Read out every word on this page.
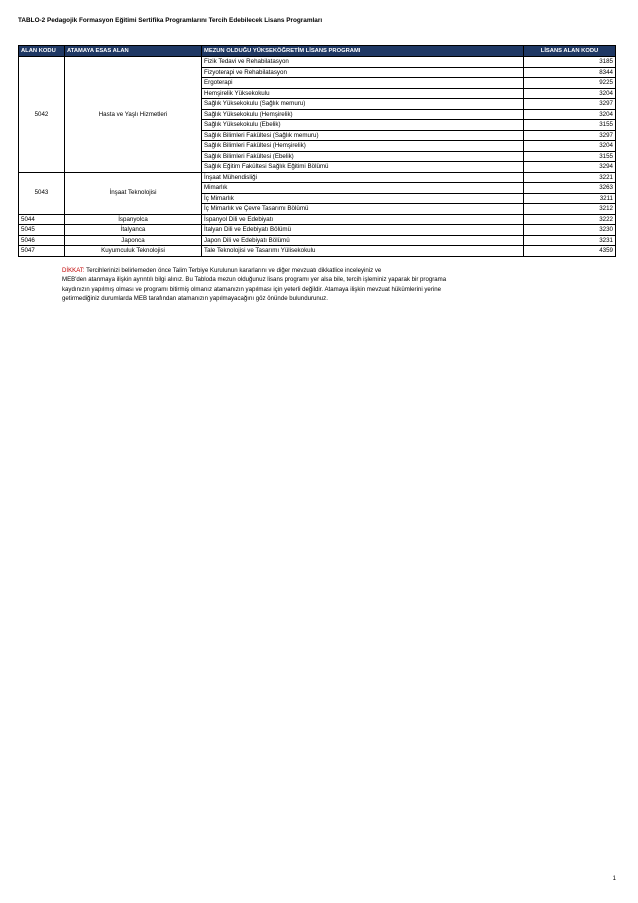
TABLO-2 Pedagojik Formasyon Eğitimi Sertifika Programlarını Tercih Edebilecek Lisans Programları
ALAN KODU	ATAMAYA ESAS ALAN	MEZUN OLDUĞU YÜKSEKÖĞRETİM LİSANS PROGRAMI	LİSANS ALAN KODU
5042	Hasta ve Yaşlı Hizmetleri	Fizik Tedavi ve Rehabilatasyon	3185
		Fizyoterapi ve Rehabilatasyon	8344
		Ergoterapi	9225
		Hemşirelik Yüksekokulu	3204
		Sağlık Yüksekokulu (Sağlık memuru)	3297
		Sağlık Yüksekokulu (Hemşirelik)	3204
		Sağlık Yüksekokulu (Ebelik)	3155
		Sağlık Bilimleri Fakültesi (Sağlık memuru)	3297
		Sağlık Bilimleri Fakültesi (Hemşirelik)	3204
		Sağlık Bilimleri Fakültesi (Ebelik)	3155
		Sağlık Eğitim Fakültesi Sağlık Eğitimi Bölümü	3294
5043	İnşaat Teknolojisi	İnşaat Mühendisliği	3221
		Mimarlık	3263
		İç Mimarlık	3211
		İç Mimarlık ve Çevre Tasarımı Bölümü	3212
5044	İspanyolca	İspanyol Dili ve Edebiyatı	3222
5045	İtalyanca	İtalyan Dili ve Edebiyatı Bölümü	3230
5046	Japonca	Japon Dili ve Edebiyatı Bölümü	3231
5047	Kuyumculuk Teknolojisi	Tale Teknolojisi ve Tasarımı Yülisekokulu	4359
DİKKAT: Tercihlerinizi belirlemeden önce Talim Terbiye Kurulunun kararlarını ve diğer mevzuatı dikkatlice inceleyiniz ve
MEB'den atanmaya ilişkin ayrıntılı bilgi alınız. Bu Tabloda mezun olduğunuz lisans programı yer alsa bile, tercih işleminiz yaparak bir programa
kaydınızın yapılmış olması ve programı bitirmiş olmanız atamanızın yapılması için yeterli değildir. Atamaya ilişkin mevzuat hükümlerini yerine
getirmediğiniz durumlarda MEB tarafından atamanızın yapılmayacağını göz önünde bulundurunuz.
1
